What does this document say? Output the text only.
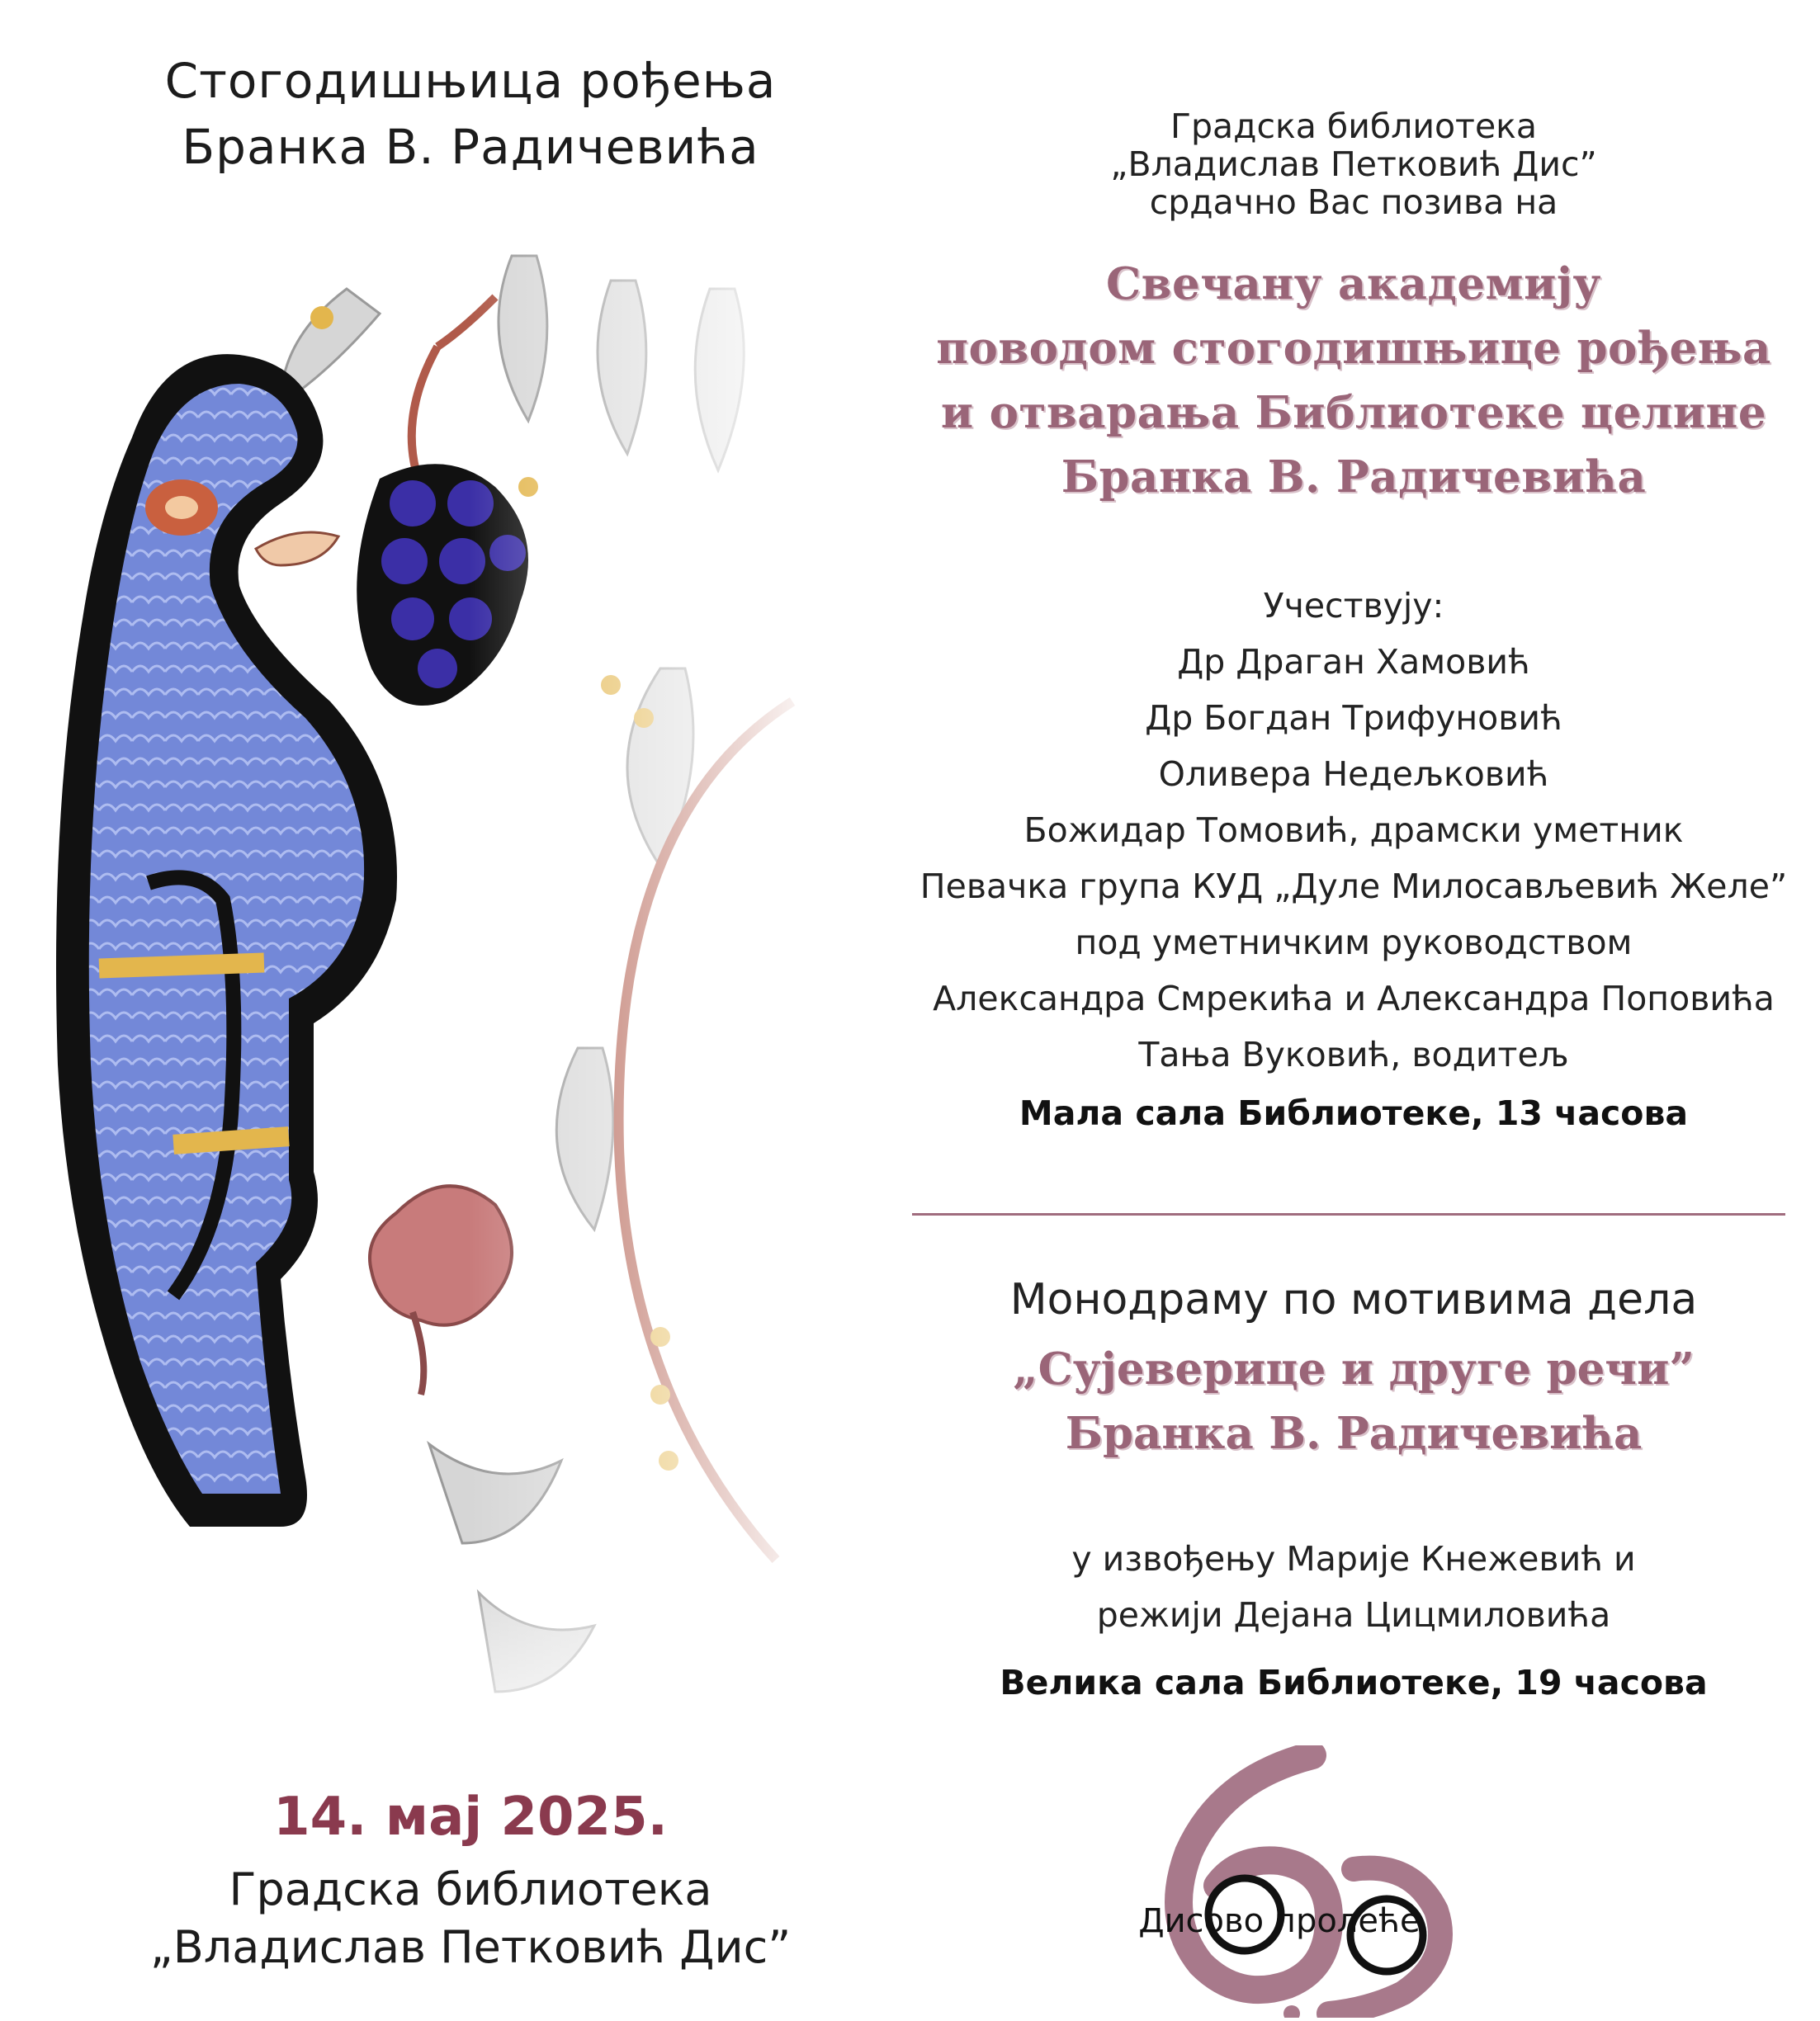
Стогодишњица рођења
Бранка В. Радичевића
14. мај 2025.
Градска библиотека
„Владислав Петковић Дис”
Градска библиотека
„Владислав Петковић Дис”
срдачно Вас позива на
Свечану академију
поводом стогодишњице рођења
и отварања Библиотеке целине
Бранка В. Радичевића
Учествују:
Др Драган Хамовић
Др Богдан Трифуновић
Оливера Недељковић
Божидар Томовић, драмски уметник
Певачка група КУД „Дуле Милосављевић Желе”
под уметничким руководством
Александра Смрекића и Александра Поповића
Тања Вуковић, водитељ
Мала сала Библиотеке, 13 часова
Монодраму по мотивима дела
„Сујеверице и друге речи”
Бранка В. Радичевића
у извођењу Марије Кнежевић и
режији Дејана Цицмиловића
Велика сала Библиотеке, 19 часова
Дисово пролеће
